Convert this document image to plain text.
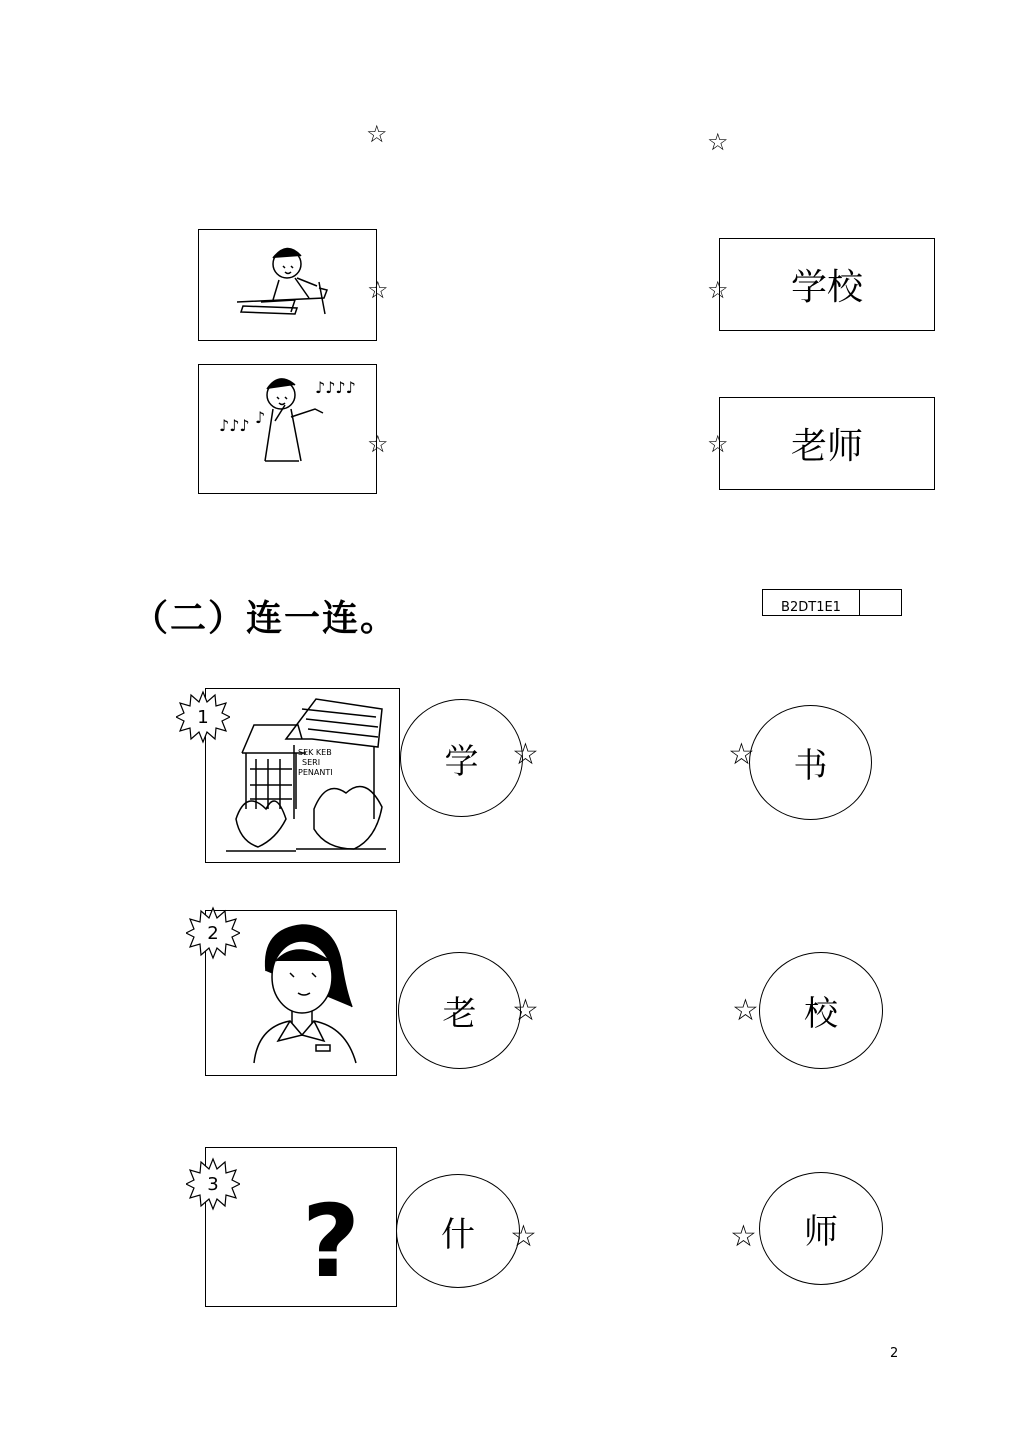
☆	☆
☆	☆ 学校
♪♪♪ ♪
♪♪♪♪
☆	☆ 老师
（二）连一连。	B2DT1E1
SEK KEB
SERI
PENANTI
1
学 ☆	书
☆
2
老 ☆	校
☆
?
3
什 ☆	师
☆
2
